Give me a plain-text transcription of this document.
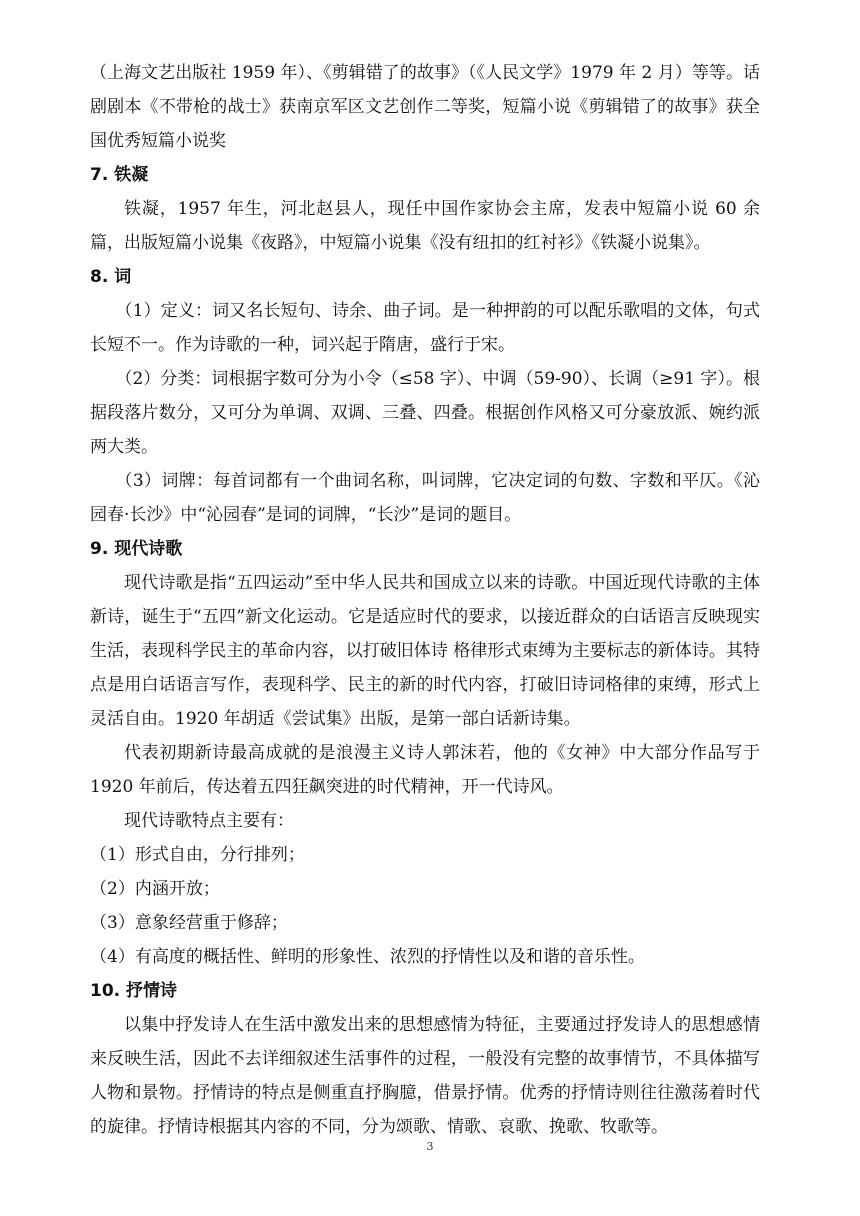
（上海文艺出版社 1959 年）、《剪辑错了的故事》（《人民文学》1979 年 2 月）等等。话剧剧本《不带枪的战士》获南京军区文艺创作二等奖，短篇小说《剪辑错了的故事》获全国优秀短篇小说奖

7. 铁凝

铁凝，1957 年生，河北赵县人，现任中国作家协会主席，发表中短篇小说 60 余篇，出版短篇小说集《夜路》，中短篇小说集《没有纽扣的红衬衫》《铁凝小说集》。

8. 词

（1）定义：词又名长短句、诗余、曲子词。是一种押韵的可以配乐歌唱的文体，句式长短不一。作为诗歌的一种，词兴起于隋唐，盛行于宋。

（2）分类：词根据字数可分为小令（≤58 字）、中调（59-90）、长调（≥91 字）。根据段落片数分，又可分为单调、双调、三叠、四叠。根据创作风格又可分豪放派、婉约派两大类。

（3）词牌：每首词都有一个曲词名称，叫词牌，它决定词的句数、字数和平仄。《沁园春·长沙》中“沁园春”是词的词牌，“长沙”是词的题目。

9. 现代诗歌

现代诗歌是指“五四运动”至中华人民共和国成立以来的诗歌。中国近现代诗歌的主体新诗，诞生于“五四”新文化运动。它是适应时代的要求，以接近群众的白话语言反映现实生活，表现科学民主的革命内容，以打破旧体诗 格律形式束缚为主要标志的新体诗。其特点是用白话语言写作，表现科学、民主的新的时代内容，打破旧诗词格律的束缚，形式上灵活自由。1920 年胡适《尝试集》出版，是第一部白话新诗集。

代表初期新诗最高成就的是浪漫主义诗人郭沫若，他的《女神》中大部分作品写于 1920 年前后，传达着五四狂飙突进的时代精神，开一代诗风。

现代诗歌特点主要有：

（1）形式自由，分行排列；

（2）内涵开放；

（3）意象经营重于修辞；

（4）有高度的概括性、鲜明的形象性、浓烈的抒情性以及和谐的音乐性。

10. 抒情诗

以集中抒发诗人在生活中激发出来的思想感情为特征，主要通过抒发诗人的思想感情来反映生活，因此不去详细叙述生活事件的过程，一般没有完整的故事情节，不具体描写人物和景物。抒情诗的特点是侧重直抒胸臆，借景抒情。优秀的抒情诗则往往激荡着时代的旋律。抒情诗根据其内容的不同，分为颂歌、情歌、哀歌、挽歌、牧歌等。

3
